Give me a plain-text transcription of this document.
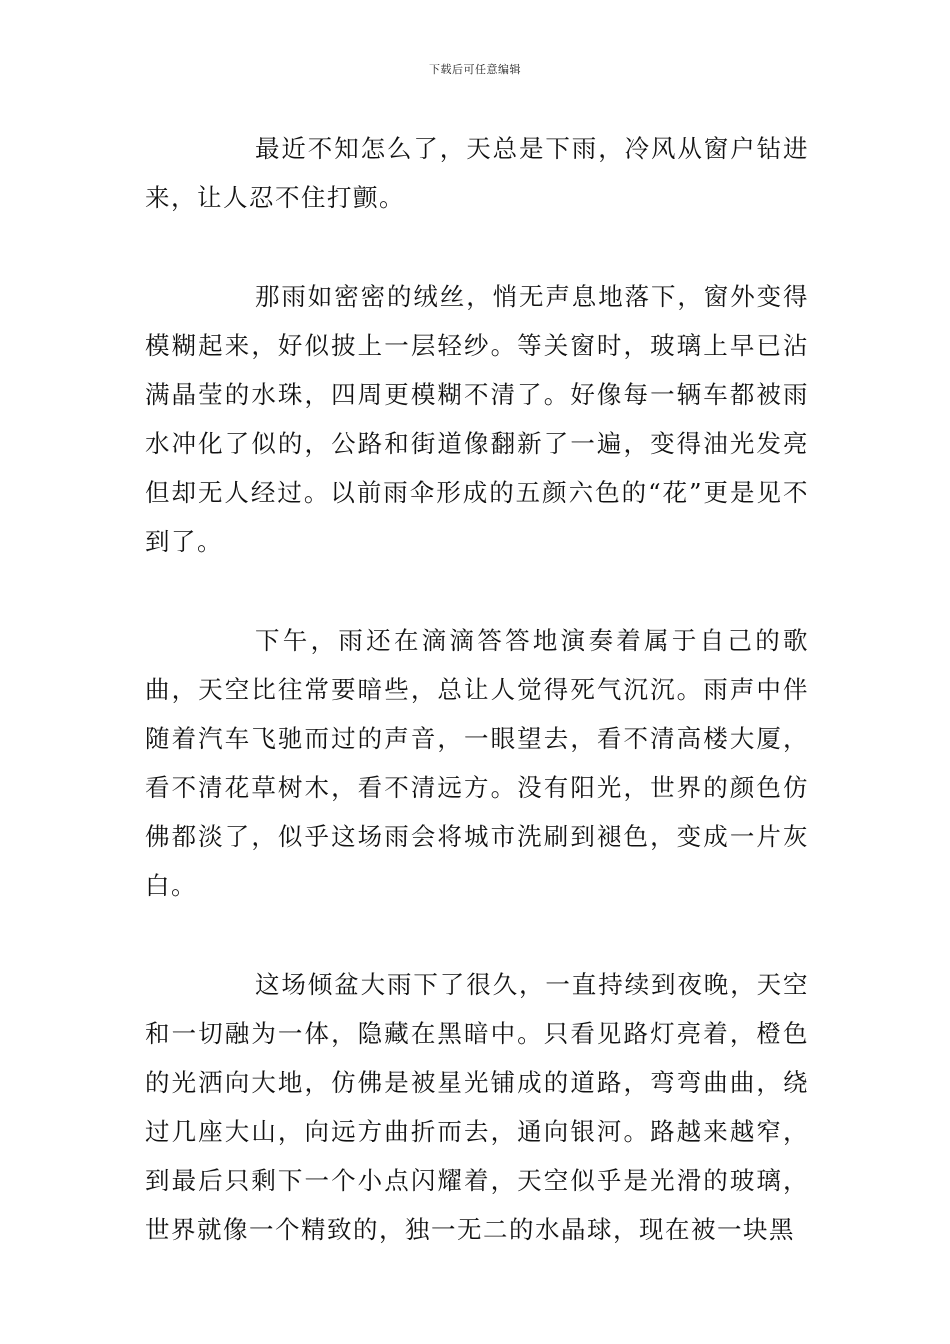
下载后可任意编辑

最近不知怎么了，天总是下雨，冷风从窗户钻进来，让人忍不住打颤。

那雨如密密的绒丝，悄无声息地落下，窗外变得模糊起来，好似披上一层轻纱。等关窗时，玻璃上早已沾满晶莹的水珠，四周更模糊不清了。好像每一辆车都被雨水冲化了似的，公路和街道像翻新了一遍，变得油光发亮但却无人经过。以前雨伞形成的五颜六色的“花”更是见不到了。

下午，雨还在滴滴答答地演奏着属于自己的歌曲，天空比往常要暗些，总让人觉得死气沉沉。雨声中伴随着汽车飞驰而过的声音，一眼望去，看不清高楼大厦，看不清花草树木，看不清远方。没有阳光，世界的颜色仿佛都淡了，似乎这场雨会将城市洗刷到褪色，变成一片灰白。

这场倾盆大雨下了很久，一直持续到夜晚，天空和一切融为一体，隐藏在黑暗中。只看见路灯亮着，橙色的光洒向大地，仿佛是被星光铺成的道路，弯弯曲曲，绕过几座大山，向远方曲折而去，通向银河。路越来越窄，到最后只剩下一个小点闪耀着，天空似乎是光滑的玻璃，世界就像一个精致的，独一无二的水晶球，现在被一块黑
